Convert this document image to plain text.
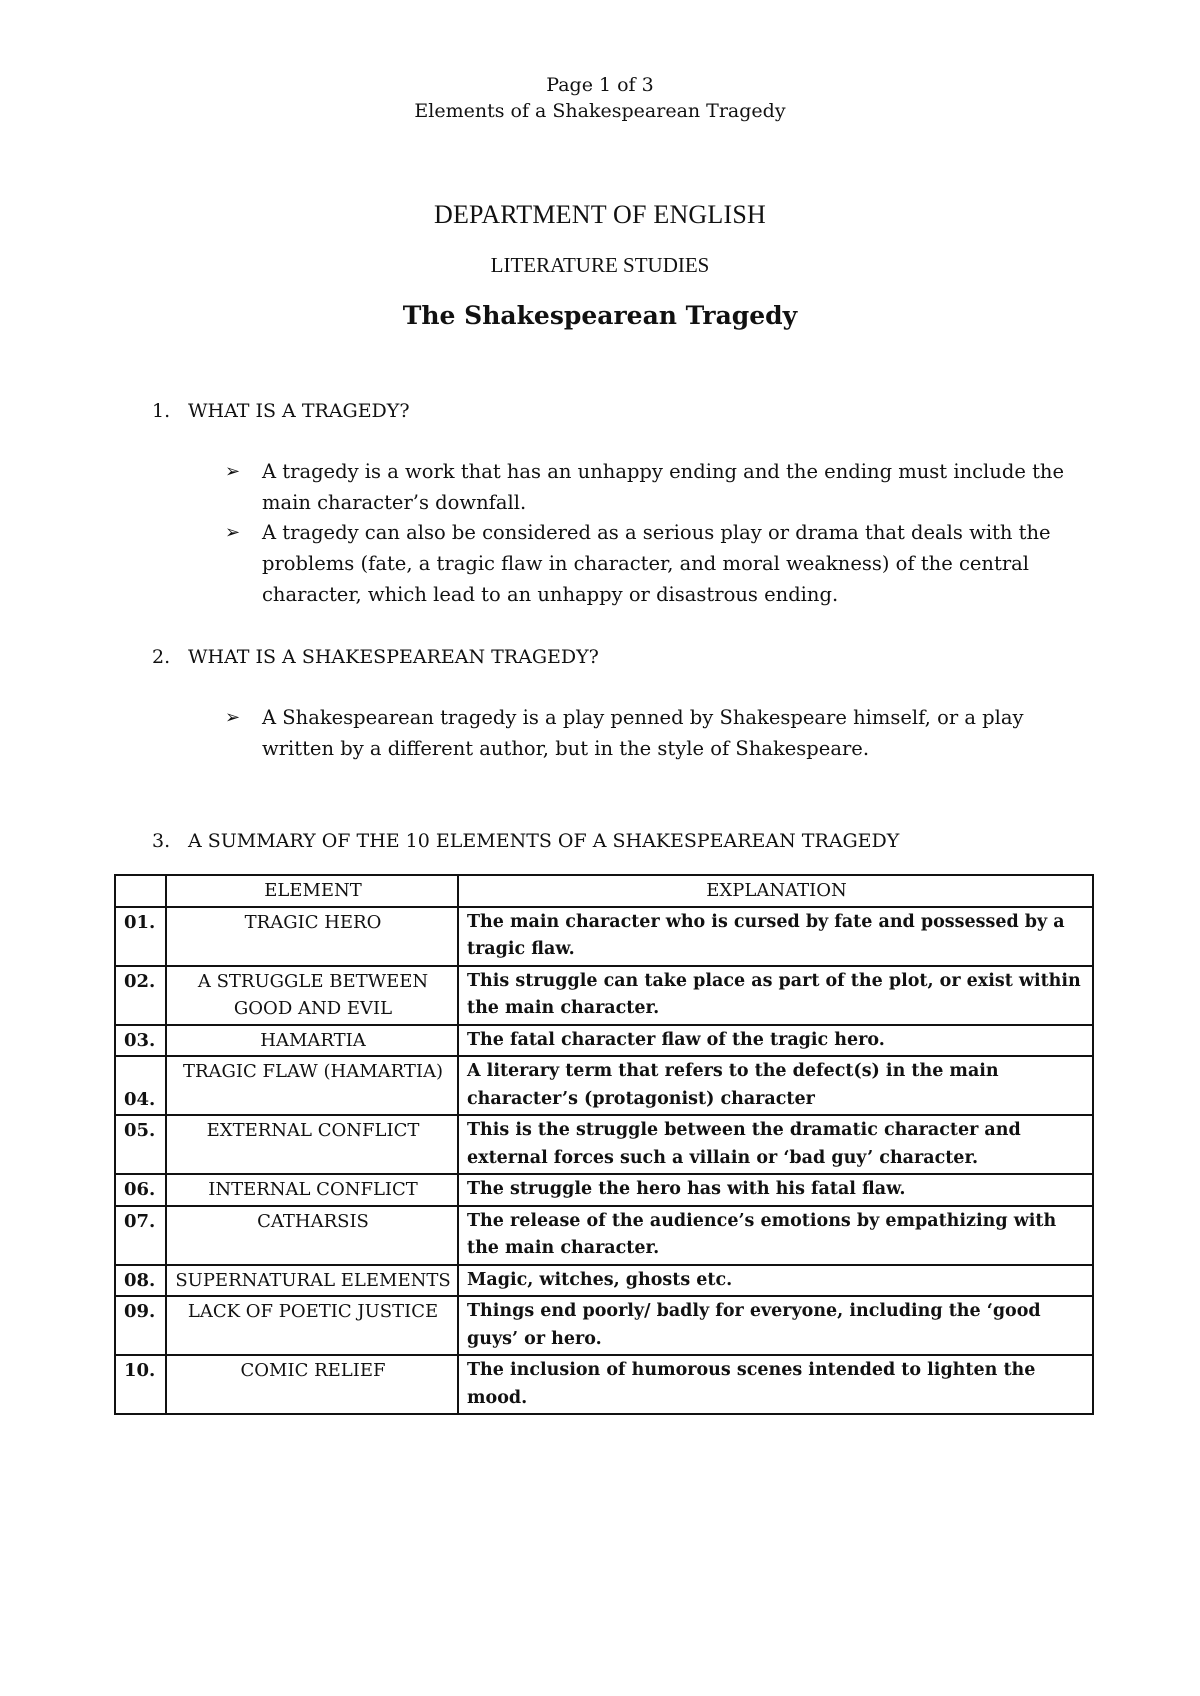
Page 1 of 3
Elements of a Shakespearean Tragedy
DEPARTMENT OF ENGLISH
LITERATURE STUDIES
The Shakespearean Tragedy
1. WHAT IS A TRAGEDY?
➢ A tragedy is a work that has an unhappy ending and the ending must include the main character’s downfall.
➢ A tragedy can also be considered as a serious play or drama that deals with the problems (fate, a tragic flaw in character, and moral weakness) of the central character, which lead to an unhappy or disastrous ending.
2. WHAT IS A SHAKESPEAREAN TRAGEDY?
➢ A Shakespearean tragedy is a play penned by Shakespeare himself, or a play written by a different author, but in the style of Shakespeare.
3. A SUMMARY OF THE 10 ELEMENTS OF A SHAKESPEAREAN TRAGEDY
	ELEMENT	EXPLANATION
01.	TRAGIC HERO	The main character who is cursed by fate and possessed by a tragic flaw.
02.	A STRUGGLE BETWEEN GOOD AND EVIL	This struggle can take place as part of the plot, or exist within the main character.
03.	HAMARTIA	The fatal character flaw of the tragic hero.
04.	TRAGIC FLAW (HAMARTIA)	A literary term that refers to the defect(s) in the main character’s (protagonist) character
05.	EXTERNAL CONFLICT	This is the struggle between the dramatic character and external forces such a villain or ‘bad guy’ character.
06.	INTERNAL CONFLICT	The struggle the hero has with his fatal flaw.
07.	CATHARSIS	The release of the audience’s emotions by empathizing with the main character.
08.	SUPERNATURAL ELEMENTS	Magic, witches, ghosts etc.
09.	LACK OF POETIC JUSTICE	Things end poorly/ badly for everyone, including the ‘good guys’ or hero.
10.	COMIC RELIEF	The inclusion of humorous scenes intended to lighten the mood.
